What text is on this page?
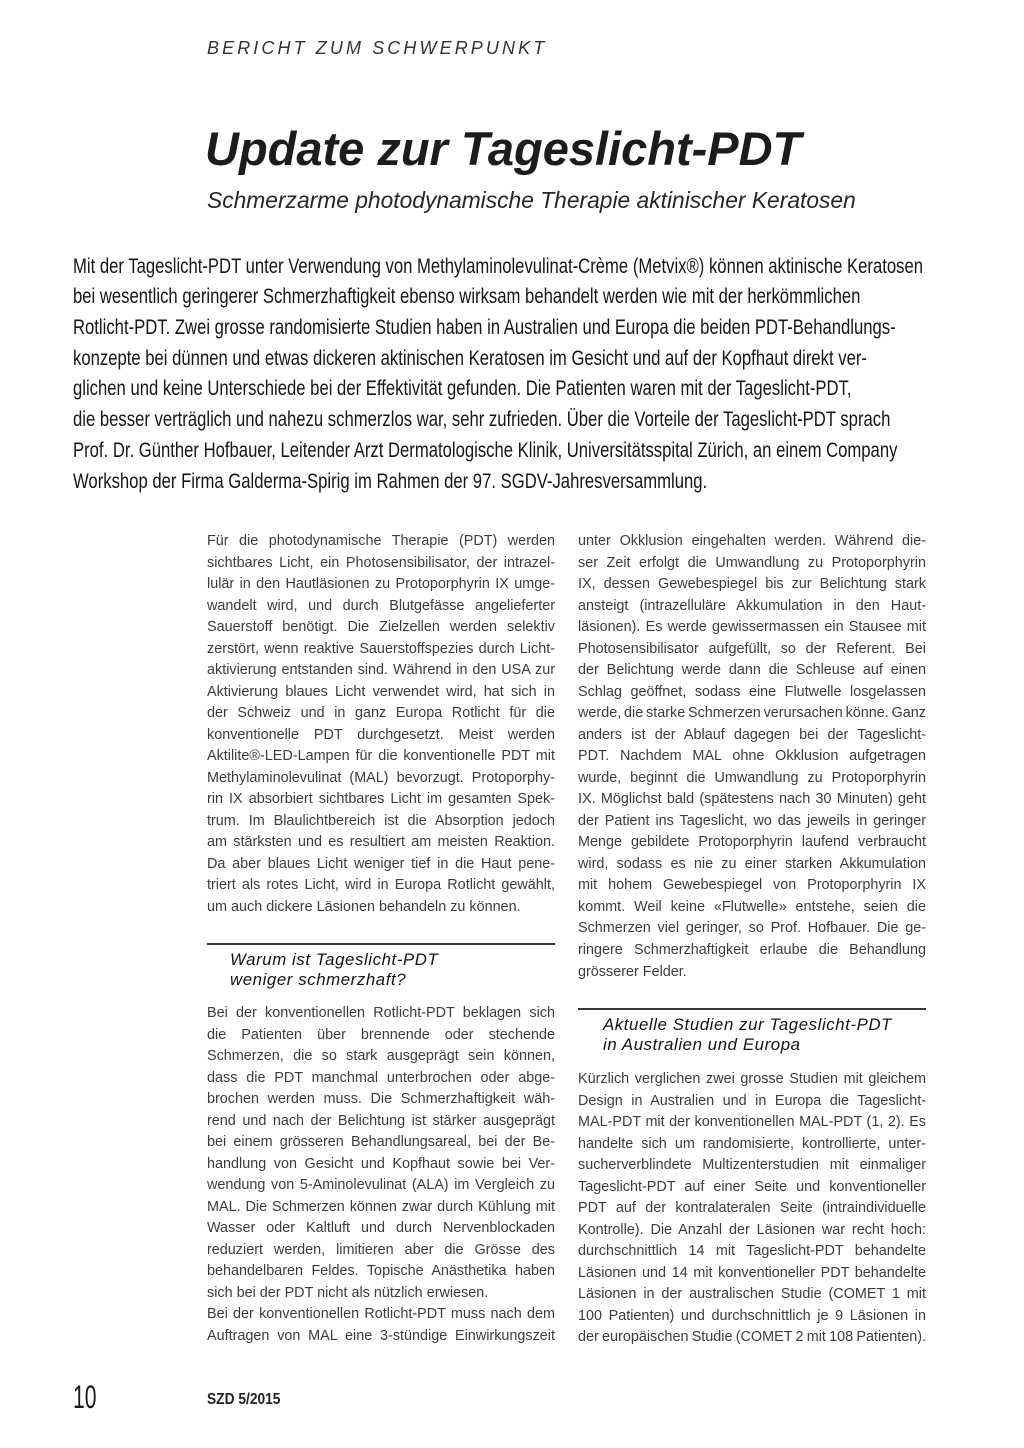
BERICHT ZUM SCHWERPUNKT
Update zur Tageslicht-PDT
Schmerzarme photodynamische Therapie aktinischer Keratosen
Mit der Tageslicht-PDT unter Verwendung von Methylaminolevulinat-Crème (Metvix®) können aktinische Keratosen
bei wesentlich geringerer Schmerzhaftigkeit ebenso wirksam behandelt werden wie mit der herkömmlichen
Rotlicht-PDT. Zwei grosse randomisierte Studien haben in Australien und Europa die beiden PDT-Behandlungs-
konzepte bei dünnen und etwas dickeren aktinischen Keratosen im Gesicht und auf der Kopfhaut direkt ver-
glichen und keine Unterschiede bei der Effektivität gefunden. Die Patienten waren mit der Tageslicht-PDT,
die besser verträglich und nahezu schmerzlos war, sehr zufrieden. Über die Vorteile der Tageslicht-PDT sprach
Prof. Dr. Günther Hofbauer, Leitender Arzt Dermatologische Klinik, Universitätsspital Zürich, an einem Company
Workshop der Firma Galderma-Spirig im Rahmen der 97. SGDV-Jahresversammlung.
Für die photodynamische Therapie (PDT) werden
sichtbares Licht, ein Photosensibilisator, der intrazel-
lulär in den Hautläsionen zu Protoporphyrin IX umge-
wandelt wird, und durch Blutgefässe angelieferter
Sauerstoff benötigt. Die Zielzellen werden selektiv
zerstört, wenn reaktive Sauerstoffspezies durch Licht-
aktivierung entstanden sind. Während in den USA zur
Aktivierung blaues Licht verwendet wird, hat sich in
der Schweiz und in ganz Europa Rotlicht für die
konventionelle PDT durchgesetzt. Meist werden
Aktilite®-LED-Lampen für die konventionelle PDT mit
Methylaminolevulinat (MAL) bevorzugt. Protoporphy-
rin IX absorbiert sichtbares Licht im gesamten Spek-
trum. Im Blaulichtbereich ist die Absorption jedoch
am stärksten und es resultiert am meisten Reaktion.
Da aber blaues Licht weniger tief in die Haut pene-
triert als rotes Licht, wird in Europa Rotlicht gewählt,
um auch dickere Läsionen behandeln zu können.
Warum ist Tageslicht-PDT
weniger schmerzhaft?
Bei der konventionellen Rotlicht-PDT beklagen sich
die Patienten über brennende oder stechende
Schmerzen, die so stark ausgeprägt sein können,
dass die PDT manchmal unterbrochen oder abge-
brochen werden muss. Die Schmerzhaftigkeit wäh-
rend und nach der Belichtung ist stärker ausgeprägt
bei einem grösseren Behandlungsareal, bei der Be-
handlung von Gesicht und Kopfhaut sowie bei Ver-
wendung von 5-Aminolevulinat (ALA) im Vergleich zu
MAL. Die Schmerzen können zwar durch Kühlung mit
Wasser oder Kaltluft und durch Nervenblockaden
reduziert werden, limitieren aber die Grösse des
behandelbaren Feldes. Topische Anästhetika haben
sich bei der PDT nicht als nützlich erwiesen.
Bei der konventionellen Rotlicht-PDT muss nach dem
Auftragen von MAL eine 3-stündige Einwirkungszeit
unter Okklusion eingehalten werden. Während die-
ser Zeit erfolgt die Umwandlung zu Protoporphyrin
IX, dessen Gewebespiegel bis zur Belichtung stark
ansteigt (intrazelluläre Akkumulation in den Haut-
läsionen). Es werde gewissermassen ein Stausee mit
Photosensibilisator aufgefüllt, so der Referent. Bei
der Belichtung werde dann die Schleuse auf einen
Schlag geöffnet, sodass eine Flutwelle losgelassen
werde, die starke Schmerzen verursachen könne. Ganz
anders ist der Ablauf dagegen bei der Tageslicht-
PDT. Nachdem MAL ohne Okklusion aufgetragen
wurde, beginnt die Umwandlung zu Protoporphyrin
IX. Möglichst bald (spätestens nach 30 Minuten) geht
der Patient ins Tageslicht, wo das jeweils in geringer
Menge gebildete Protoporphyrin laufend verbraucht
wird, sodass es nie zu einer starken Akkumulation
mit hohem Gewebespiegel von Protoporphyrin IX
kommt. Weil keine «Flutwelle» entstehe, seien die
Schmerzen viel geringer, so Prof. Hofbauer. Die ge-
ringere Schmerzhaftigkeit erlaube die Behandlung
grösserer Felder.
Aktuelle Studien zur Tageslicht-PDT
in Australien und Europa
Kürzlich verglichen zwei grosse Studien mit gleichem
Design in Australien und in Europa die Tageslicht-
MAL-PDT mit der konventionellen MAL-PDT (1, 2). Es
handelte sich um randomisierte, kontrollierte, unter-
sucherverblindete Multizenterstudien mit einmaliger
Tageslicht-PDT auf einer Seite und konventioneller
PDT auf der kontralateralen Seite (intraindividuelle
Kontrolle). Die Anzahl der Läsionen war recht hoch:
durchschnittlich 14 mit Tageslicht-PDT behandelte
Läsionen und 14 mit konventioneller PDT behandelte
Läsionen in der australischen Studie (COMET 1 mit
100 Patienten) und durchschnittlich je 9 Läsionen in
der europäischen Studie (COMET 2 mit 108 Patienten).
10	SZD 5/2015
